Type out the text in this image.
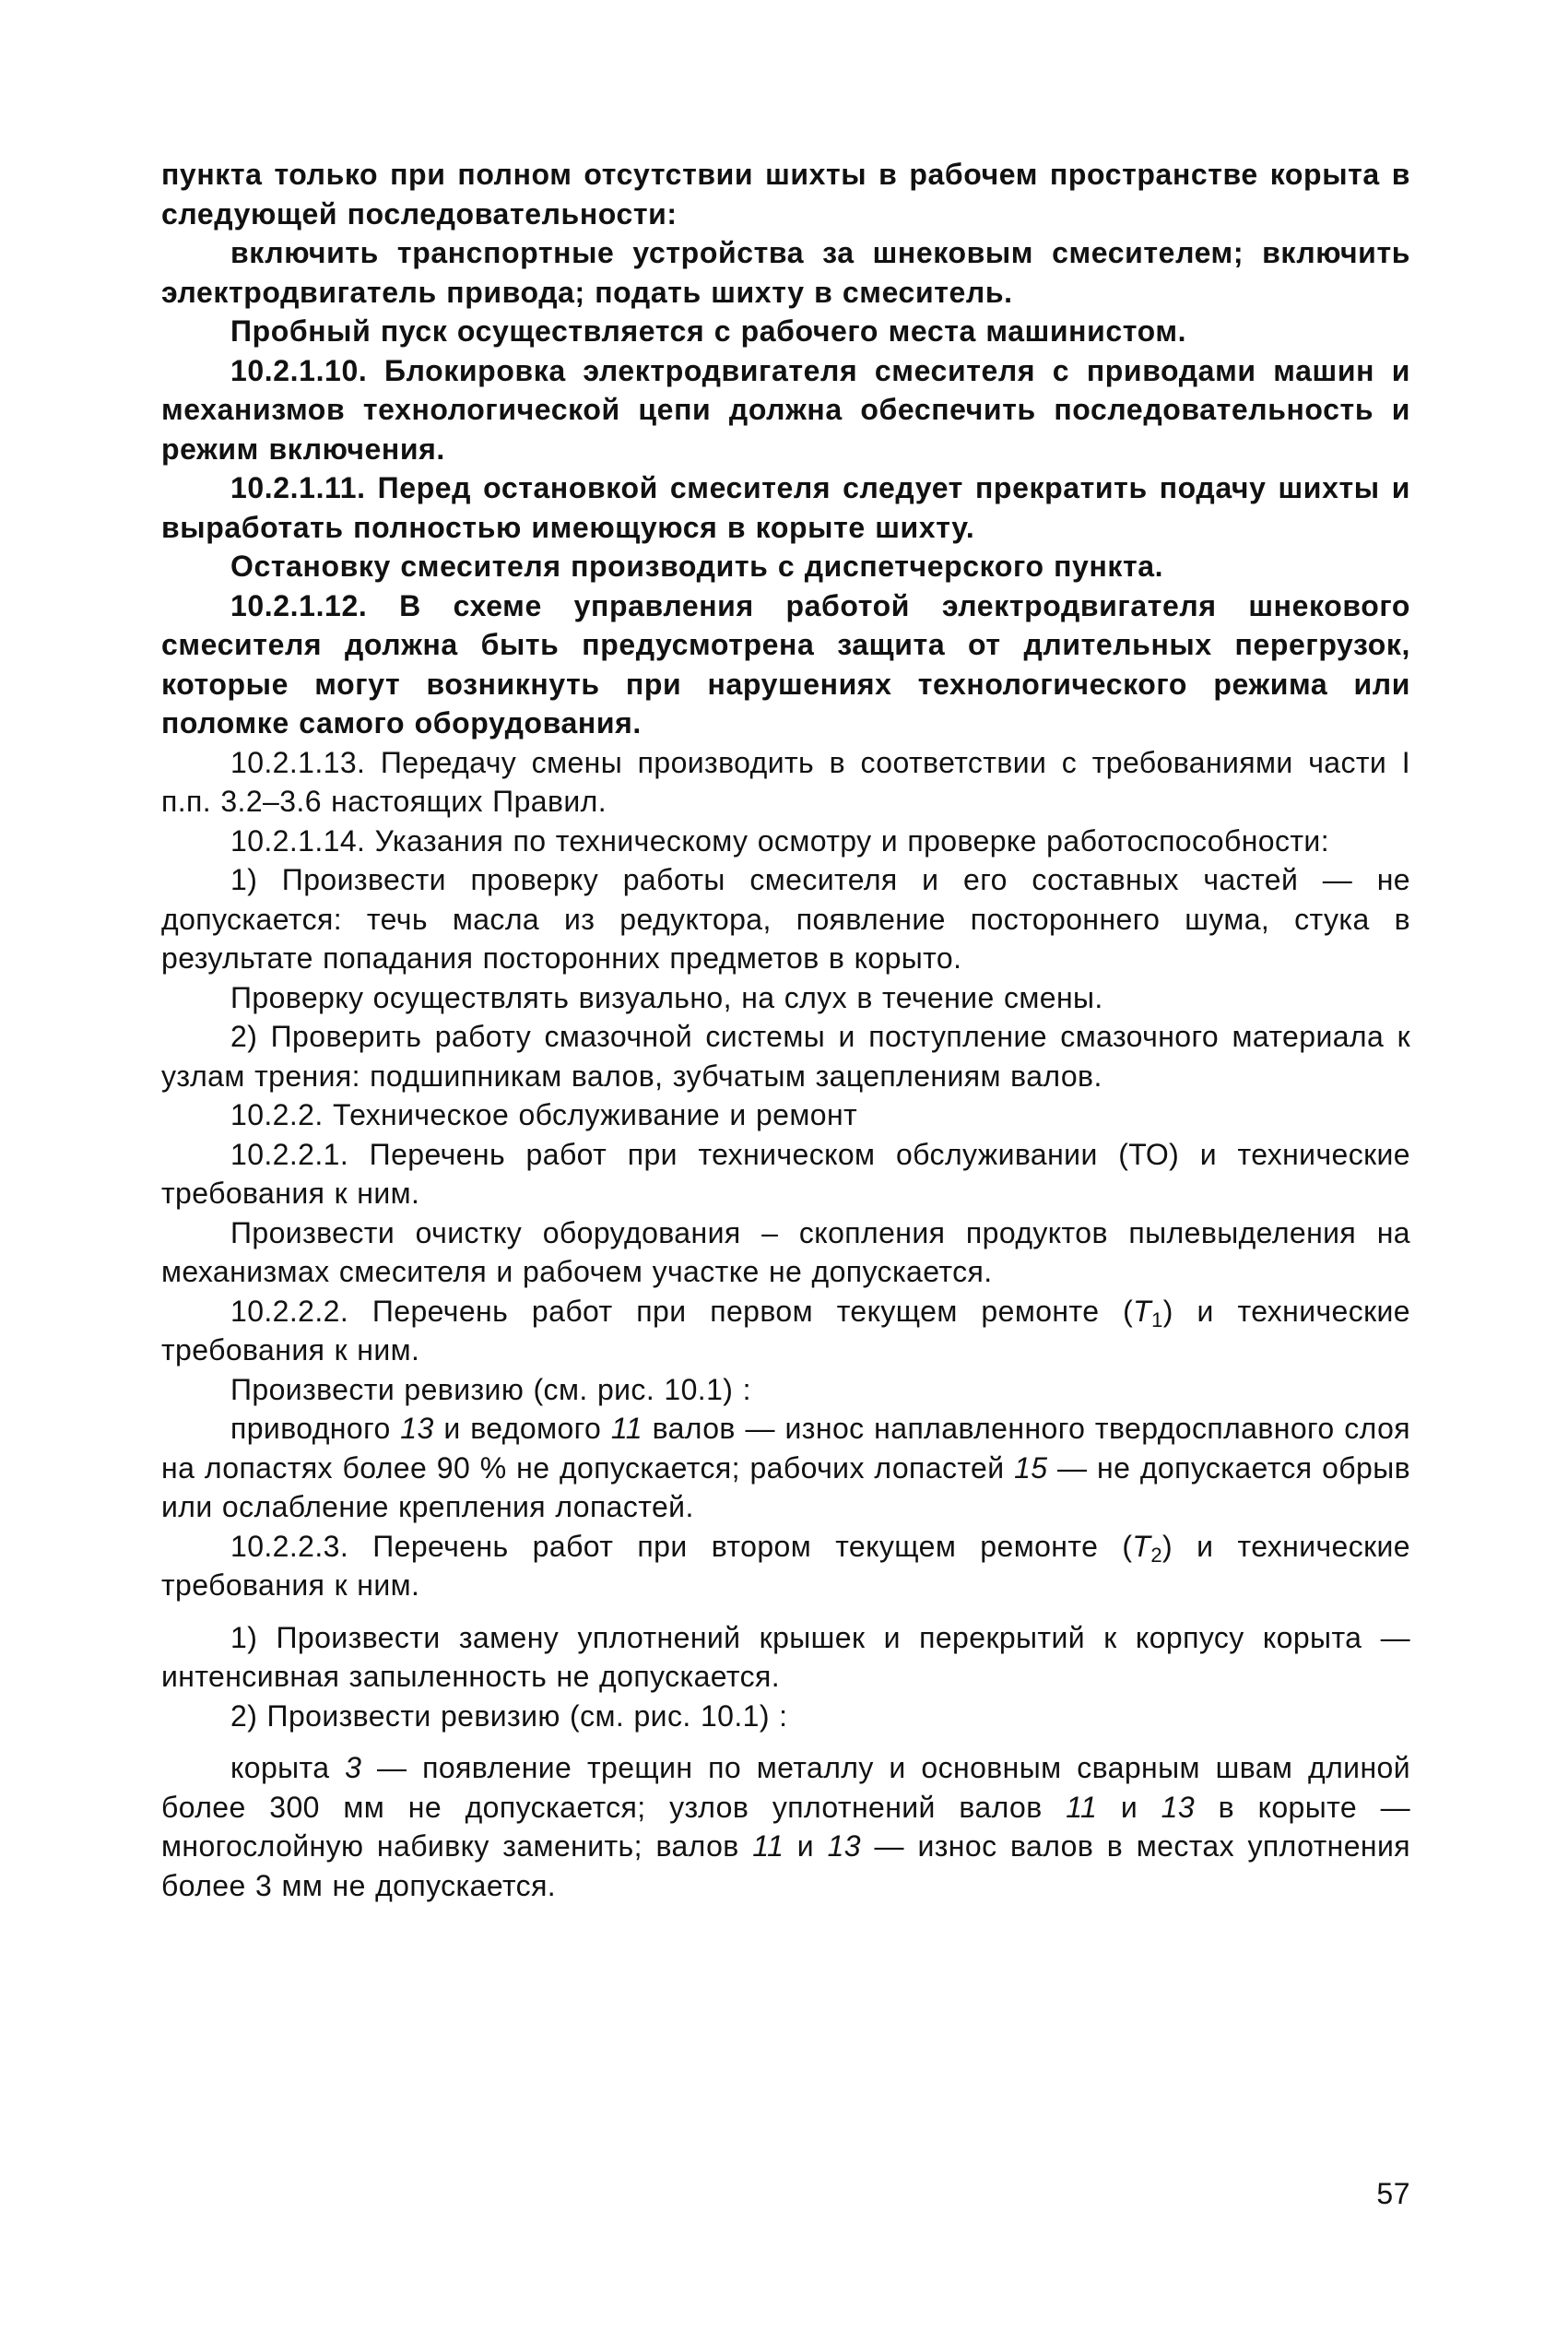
пункта только при полном отсутствии шихты в рабочем пространстве корыта в следующей последовательности:

включить транспортные устройства за шнековым смесителем; включить электродвигатель привода; подать шихту в смеситель.

Пробный пуск осуществляется с рабочего места машинистом.

10.2.1.10. Блокировка электродвигателя смесителя с приводами машин и механизмов технологической цепи должна обеспечить последовательность и режим включения.

10.2.1.11. Перед остановкой смесителя следует прекратить подачу шихты и выработать полностью имеющуюся в корыте шихту.

Остановку смесителя производить с диспетчерского пункта.

10.2.1.12. В схеме управления работой электродвигателя шнекового смесителя должна быть предусмотрена защита от длительных перегрузок, которые могут возникнуть при нарушениях технологического режима или поломке самого оборудования.

10.2.1.13. Передачу смены производить в соответствии с требованиями части I п.п. 3.2–3.6 настоящих Правил.

10.2.1.14. Указания по техническому осмотру и проверке работоспособности:

1) Произвести проверку работы смесителя и его составных частей — не допускается: течь масла из редуктора, появление постороннего шума, стука в результате попадания посторонних предметов в корыто.

Проверку осуществлять визуально, на слух в течение смены.

2) Проверить работу смазочной системы и поступление смазочного материала к узлам трения: подшипникам валов, зубчатым зацеплениям валов.

10.2.2. Техническое обслуживание и ремонт

10.2.2.1. Перечень работ при техническом обслуживании (ТО) и технические требования к ним.

Произвести очистку оборудования – скопления продуктов пылевыделения на механизмах смесителя и рабочем участке не допускается.

10.2.2.2. Перечень работ при первом текущем ремонте $(T_1)$ и технические требования к ним.

Произвести ревизию (см. рис. 10.1) :

приводного 13 и ведомого 11 валов — износ наплавленного твердосплавного слоя на лопастях более 90 % не допускается; рабочих лопастей 15 — не допускается обрыв или ослабление крепления лопастей.

10.2.2.3. Перечень работ при втором текущем ремонте $(T_2)$ и технические требования к ним.

1) Произвести замену уплотнений крышек и перекрытий к корпусу корыта — интенсивная запыленность не допускается.

2) Произвести ревизию (см. рис. 10.1) :

корыта 3 — появление трещин по металлу и основным сварным швам длиной более 300 мм не допускается; узлов уплотнений валов 11 и 13 в корыте — многослойную набивку заменить; валов 11 и 13 — износ валов в местах уплотнения более 3 мм не допускается.

57
